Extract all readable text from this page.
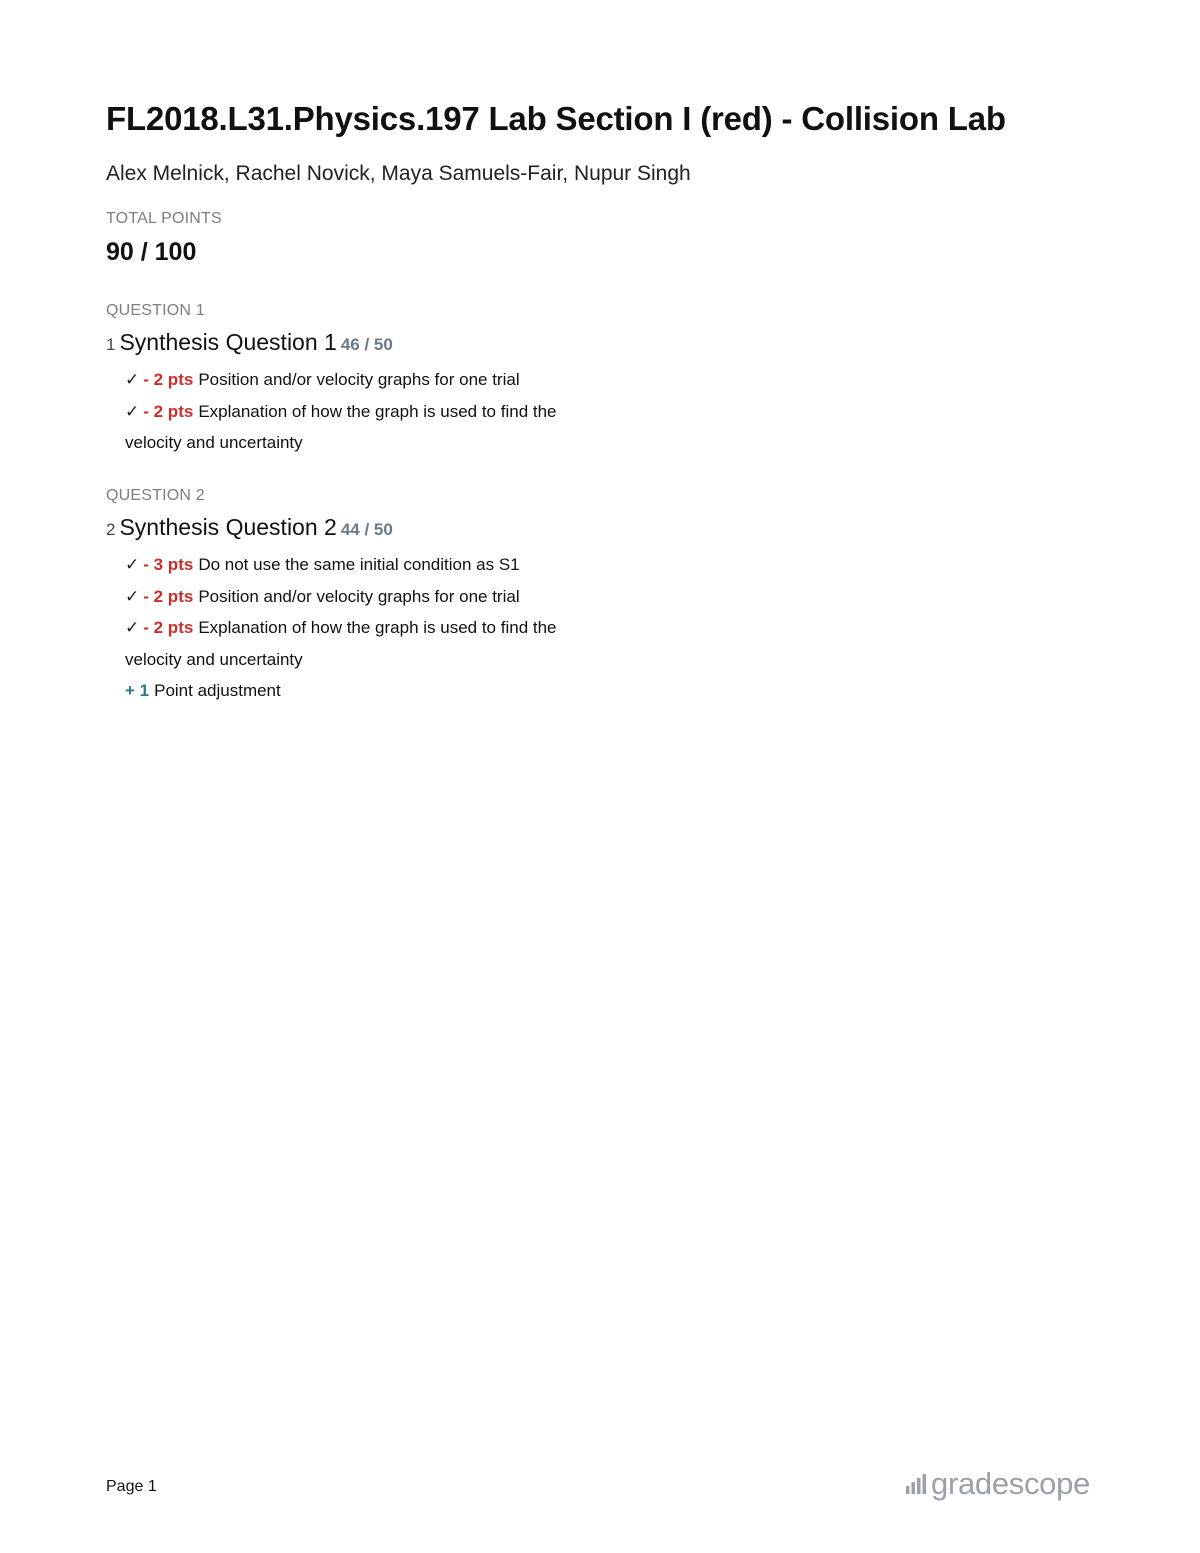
FL2018.L31.Physics.197 Lab Section I (red) - Collision Lab
Alex Melnick, Rachel Novick, Maya Samuels-Fair, Nupur Singh
TOTAL POINTS
90 / 100
QUESTION 1
1 Synthesis Question 1 46 / 50
✓ - 2 pts Position and/or velocity graphs for one trial
✓ - 2 pts Explanation of how the graph is used to find the velocity and uncertainty
QUESTION 2
2 Synthesis Question 2 44 / 50
✓ - 3 pts Do not use the same initial condition as S1
✓ - 2 pts Position and/or velocity graphs for one trial
✓ - 2 pts Explanation of how the graph is used to find the velocity and uncertainty
+ 1 Point adjustment
Page 1	gradescope
